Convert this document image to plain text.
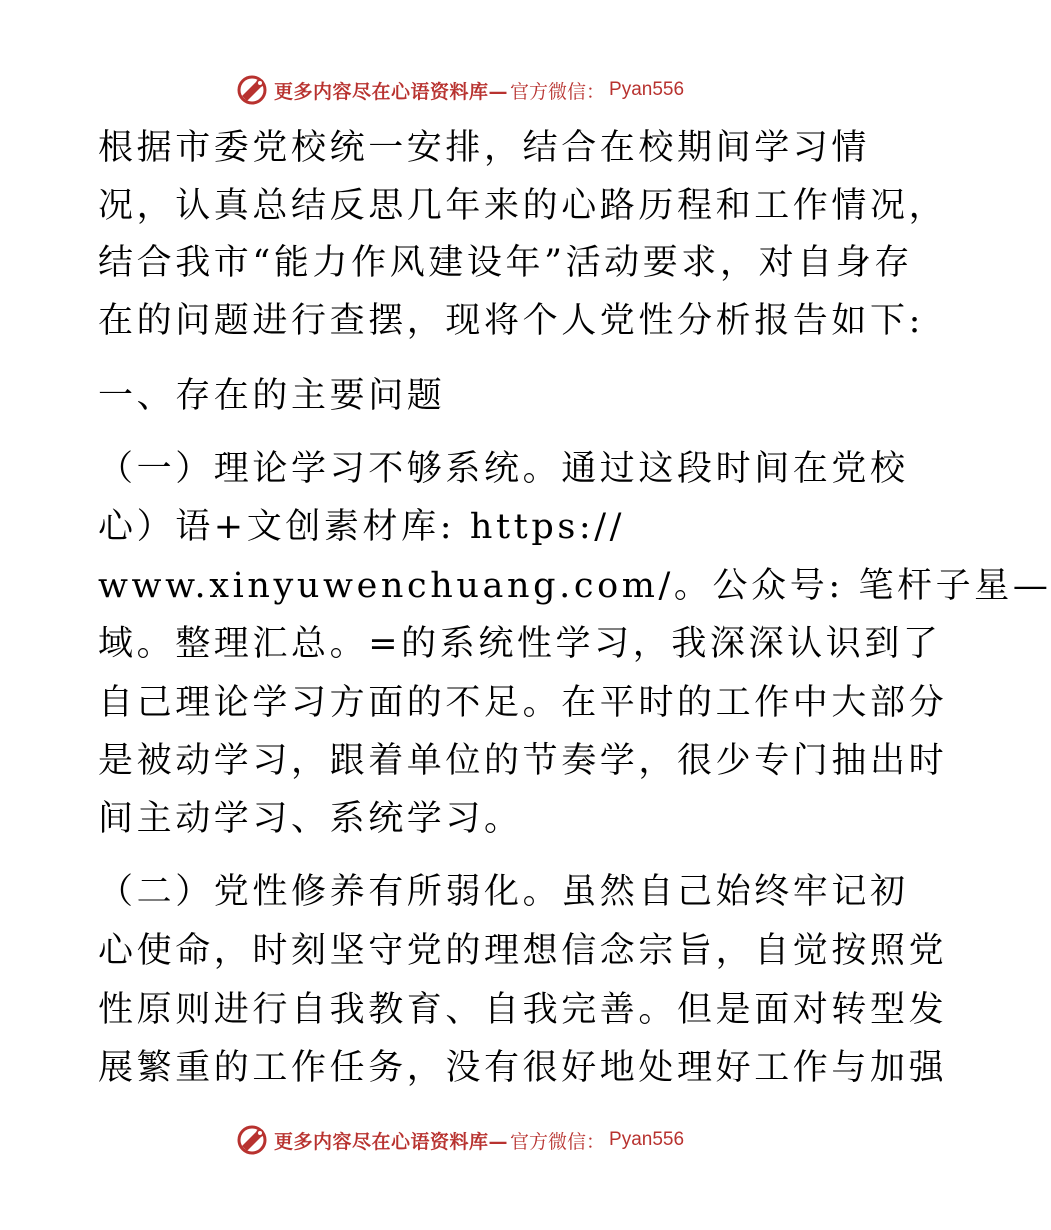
更多内容尽在心语资料库— 官方微信： Pyan556
根据市委党校统一安排，结合在校期间学习情
况，认真总结反思几年来的心路历程和工作情况，
结合我市“能力作风建设年”活动要求，对自身存
在的问题进行查摆，现将个人党性分析报告如下:
一、存在的主要问题
（一）理论学习不够系统。通过这段时间在党校
心）语+文创素材库: https://
www.xinyuwenchuang.com/。公众号: 笔杆子星—
域。整理汇总。=的系统性学习，我深深认识到了
自己理论学习方面的不足。在平时的工作中大部分
是被动学习，跟着单位的节奏学，很少专门抽出时
间主动学习、系统学习。
（二）党性修养有所弱化。虽然自己始终牢记初
心使命，时刻坚守党的理想信念宗旨，自觉按照党
性原则进行自我教育、自我完善。但是面对转型发
展繁重的工作任务，没有很好地处理好工作与加强
更多内容尽在心语资料库— 官方微信： Pyan556
